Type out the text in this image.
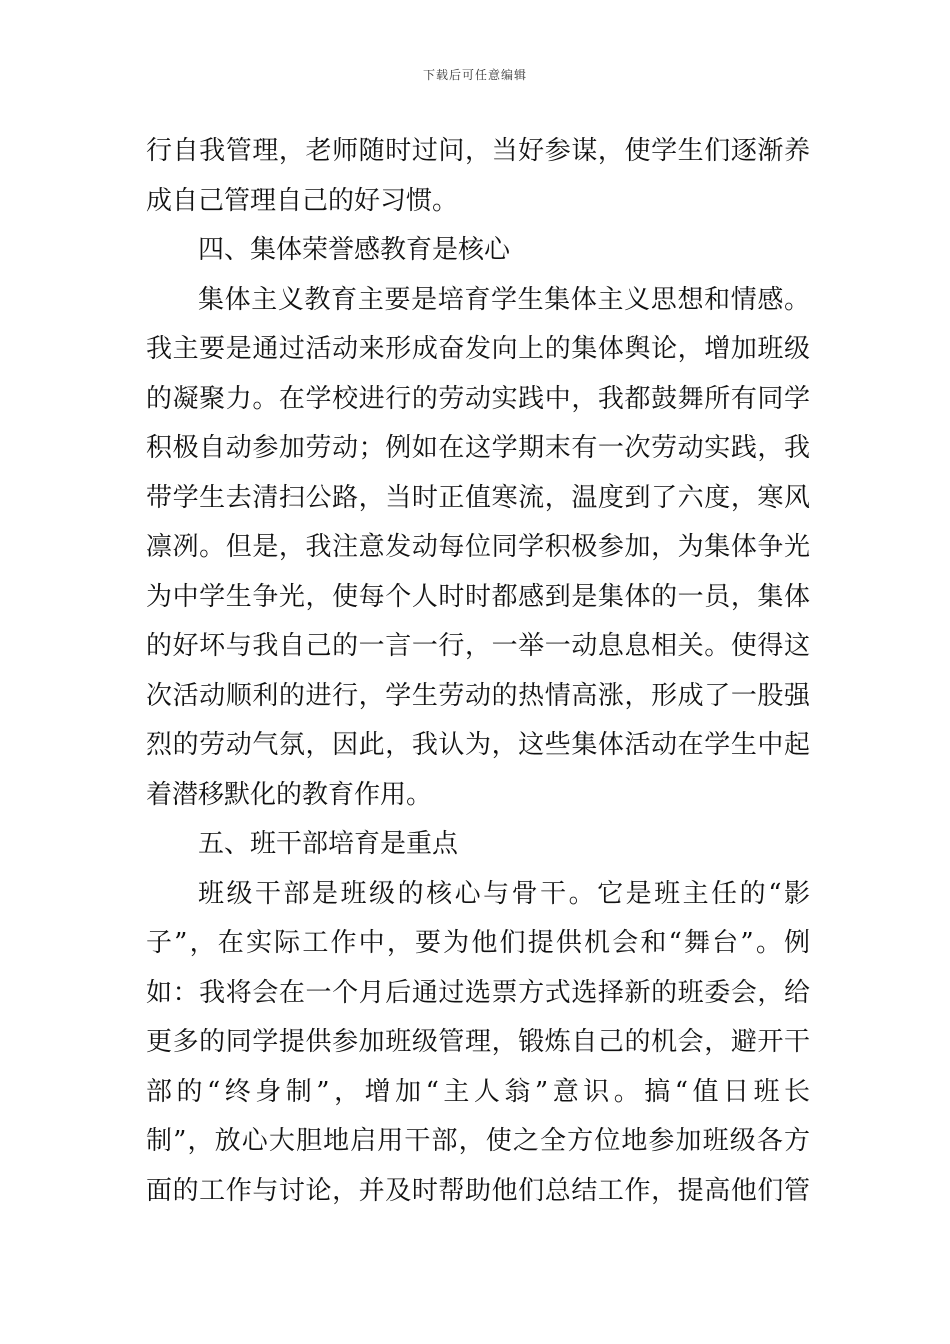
下载后可任意编辑
行自我管理，老师随时过问，当好参谋，使学生们逐渐养
成自己管理自己的好习惯。
四、集体荣誉感教育是核心
集体主义教育主要是培育学生集体主义思想和情感。
我主要是通过活动来形成奋发向上的集体舆论，增加班级
的凝聚力。在学校进行的劳动实践中，我都鼓舞所有同学
积极自动参加劳动；例如在这学期末有一次劳动实践，我
带学生去清扫公路，当时正值寒流，温度到了六度，寒风
凛冽。但是，我注意发动每位同学积极参加，为集体争光
为中学生争光，使每个人时时都感到是集体的一员，集体
的好坏与我自己的一言一行，一举一动息息相关。使得这
次活动顺利的进行，学生劳动的热情高涨，形成了一股强
烈的劳动气氛，因此，我认为，这些集体活动在学生中起
着潜移默化的教育作用。
五、班干部培育是重点
班级干部是班级的核心与骨干。它是班主任的“影
子”，在实际工作中，要为他们提供机会和“舞台”。例
如：我将会在一个月后通过选票方式选择新的班委会，给
更多的同学提供参加班级管理，锻炼自己的机会，避开干
部的“终身制”，增加“主人翁”意识。搞“值日班长
制”，放心大胆地启用干部，使之全方位地参加班级各方
面的工作与讨论，并及时帮助他们总结工作，提高他们管
